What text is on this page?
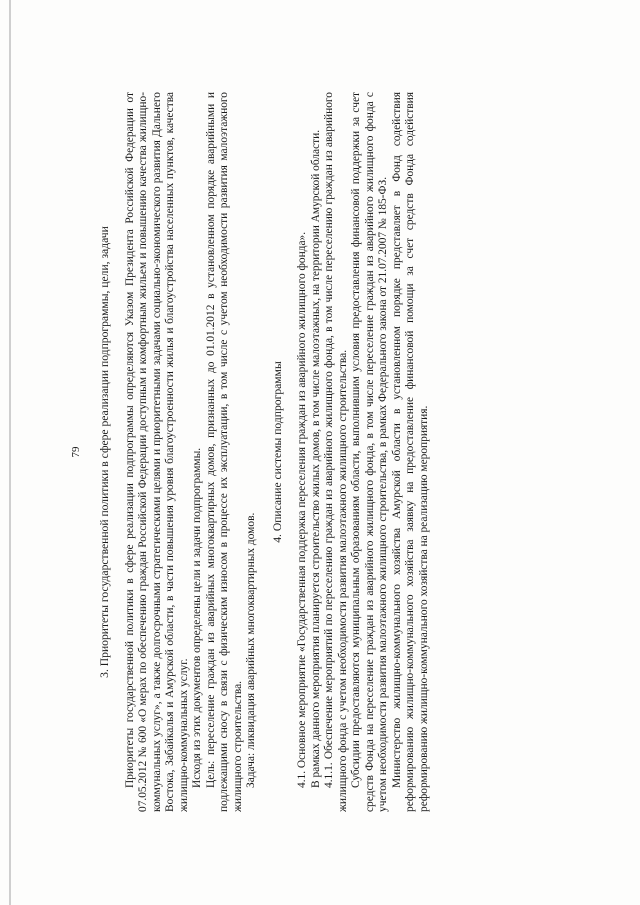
79 3. Приоритеты государственной политики в сфере реализации подпрограммы, цели, задачи Приоритеты государственной политики в сфере реализации подпрограммы определяются Указом Президента Российской Федерации от 07.05.2012 № 600 «О мерах по обеспечению граждан Российской Федерации доступным и комфортным жильем и повышению качества жилищно-коммунальных услуг», а также долгосрочными стратегическими целями и приоритетными задачами социально-экономического развития Дальнего Востока, Забайкалья и Амурской области, в части повышения уровня благоустроенности жилья и благоустройства населенных пунктов, качества жилищно-коммунальных услуг. Исходя из этих документов определены цели и задачи подпрограммы. Цель: переселение граждан из аварийных многоквартирных домов, признанных до 01.01.2012 в установленном порядке аварийными и подлежащими сносу в связи с физическим износом в процессе их эксплуатации, в том числе с учетом необходимости развития малоэтажного жилищного строительства. Задача: ликвидация аварийных многоквартирных домов.

4. Описание системы подпрограммы 4.1. Основное мероприятие «Государственная поддержка переселения граждан из аварийного жилищного фонда». В рамках данного мероприятия планируется строительство жилых домов, в том числе малоэтажных, на территории Амурской области. 4.1.1. Обеспечение мероприятий по переселению граждан из аварийного жилищного фонда, в том числе переселению граждан из аварийного жилищного фонда с учетом необходимости развития малоэтажного жилищного строительства. Субсидии предоставляются муниципальным образованиям области, выполнившим условия предоставления финансовой поддержки за счет средств Фонда на переселение граждан из аварийного жилищного фонда, в том числе переселение граждан из аварийного жилищного фонда с учетом необходимости развития малоэтажного жилищного строительства, в рамках Федерального закона от 21.07.2007 № 185-ФЗ. Министерство жилищно-коммунального хозяйства Амурской области в установленном порядке представляет в Фонд содействия реформированию жилищно-коммунального хозяйства заявку на предоставление финансовой помощи за счет средств Фонда содействия реформированию жилищно-коммунального хозяйства на реализацию мероприятия.
